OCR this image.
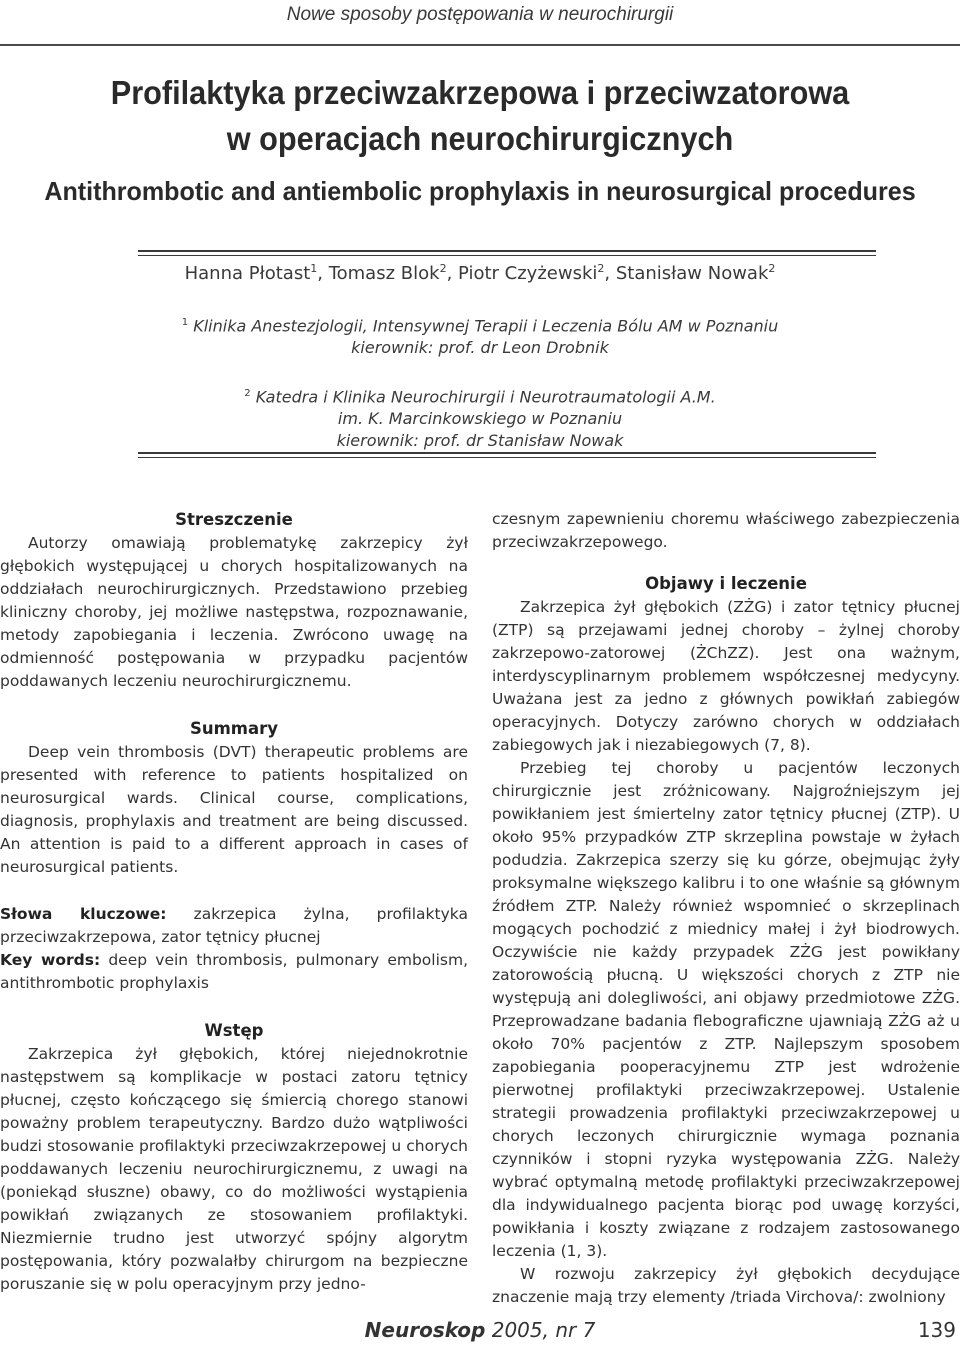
Nowe sposoby postępowania w neurochirurgii

Profilaktyka przeciwzakrzepowa i przeciwzatorowa

w operacjach neurochirurgicznych

Antithrombotic and antiembolic prophylaxis in neurosurgical procedures
Hanna Płotast$^1$, Tomasz Blok$^2$, Piotr Czyżewski$^2$, Stanisław Nowak$^2$
$^1$ Klinika Anestezjologii, Intensywnej Terapii i Leczenia Bólu AM w Poznaniu
kierownik: prof. dr Leon Drobnik
$^2$ Katedra i Klinika Neurochirurgii i Neurotraumatologii A.M.
im. K. Marcinkowskiego w Poznaniu
kierownik: prof. dr Stanisław Nowak
Streszczenie

Autorzy omawiają problematykę zakrzepicy żył głębokich występującej u chorych hospitalizowanych na oddziałach neurochirurgicznych. Przedstawiono przebieg kliniczny choroby, jej możliwe następstwa, rozpoznawanie, metody zapobiegania i leczenia. Zwrócono uwagę na odmienność postępowania w przypadku pacjentów poddawanych leczeniu neurochirurgicznemu.

Summary

Deep vein thrombosis (DVT) therapeutic problems are presented with reference to patients hospitalized on neurosurgical wards. Clinical course, complications, diagnosis, prophylaxis and treatment are being discussed. An attention is paid to a different approach in cases of neurosurgical patients.

Słowa kluczowe: zakrzepica żylna, profilaktyka przeciwzakrzepowa, zator tętnicy płucnej

Key words: deep vein thrombosis, pulmonary embolism, antithrombotic prophylaxis

Wstęp

Zakrzepica żył głębokich, której niejednokrotnie następstwem są komplikacje w postaci zatoru tętnicy płucnej, często kończącego się śmiercią chorego stanowi poważny problem terapeutyczny. Bardzo dużo wątpliwości budzi stosowanie profilaktyki przeciwzakrzepowej u chorych poddawanych leczeniu neurochirurgicznemu, z uwagi na (poniekąd słuszne) obawy, co do możliwości wystąpienia powikłań związanych ze stosowaniem profilaktyki. Niezmiernie trudno jest utworzyć spójny algorytm postępowania, który pozwalałby chirurgom na bezpieczne poruszanie się w polu operacyjnym przy jedno-

czesnym zapewnieniu choremu właściwego zabezpieczenia przeciwzakrzepowego.

Objawy i leczenie

Zakrzepica żył głębokich (ZŻG) i zator tętnicy płucnej (ZTP) są przejawami jednej choroby – żylnej choroby zakrzepowo-zatorowej (ŻChZZ). Jest ona ważnym, interdyscyplinarnym problemem współczesnej medycyny. Uważana jest za jedno z głównych powikłań zabiegów operacyjnych. Dotyczy zarówno chorych w oddziałach zabiegowych jak i niezabiegowych (7, 8).

Przebieg tej choroby u pacjentów leczonych chirurgicznie jest zróżnicowany. Najgroźniejszym jej powikłaniem jest śmiertelny zator tętnicy płucnej (ZTP). U około 95% przypadków ZTP skrzeplina powstaje w żyłach podudzia. Zakrzepica szerzy się ku górze, obejmując żyły proksymalne większego kalibru i to one właśnie są głównym źródłem ZTP. Należy również wspomnieć o skrzeplinach mogących pochodzić z miednicy małej i żył biodrowych. Oczywiście nie każdy przypadek ZŻG jest powikłany zatorowością płucną. U większości chorych z ZTP nie występują ani dolegliwości, ani objawy przedmiotowe ZŻG. Przeprowadzane badania flebograficzne ujawniają ZŻG aż u około 70% pacjentów z ZTP. Najlepszym sposobem zapobiegania pooperacyjnemu ZTP jest wdrożenie pierwotnej profilaktyki przeciwzakrzepowej. Ustalenie strategii prowadzenia profilaktyki przeciwzakrzepowej u chorych leczonych chirurgicznie wymaga poznania czynników i stopni ryzyka występowania ZŻG. Należy wybrać optymalną metodę profilaktyki przeciwzakrzepowej dla indywidualnego pacjenta biorąc pod uwagę korzyści, powikłania i koszty związane z rodzajem zastosowanego leczenia (1, 3).

W rozwoju zakrzepicy żył głębokich decydujące znaczenie mają trzy elementy /triada Virchova/: zwolniony

Neuroskop 2005, nr 7	139
